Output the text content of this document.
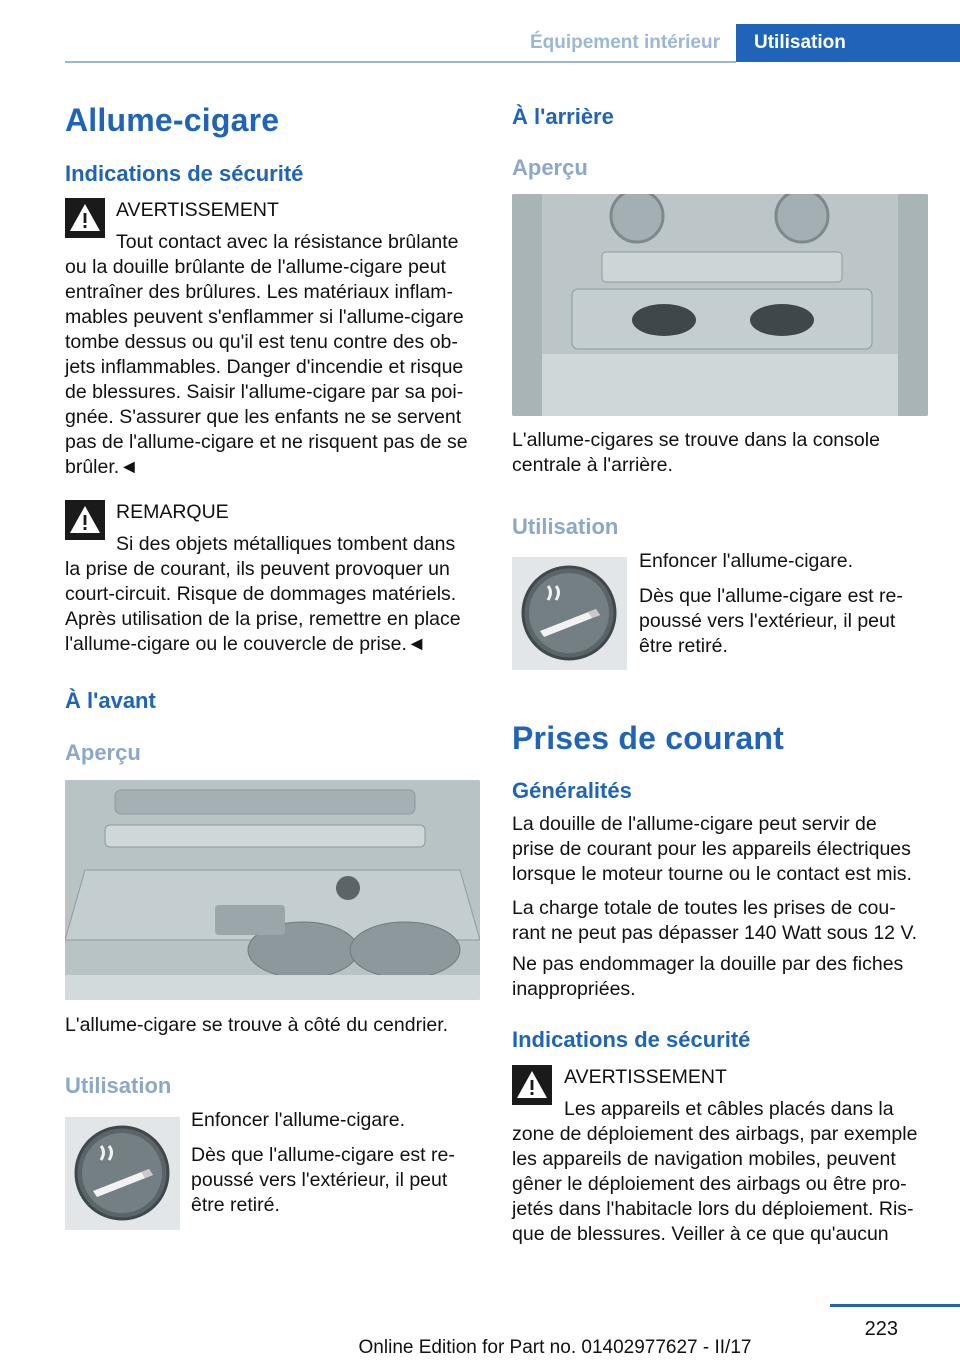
Équipement intérieur	Utilisation
Allume-cigare
Indications de sécurité
AVERTISSEMENT
Tout contact avec la résistance brûlante
ou la douille brûlante de l'allume-cigare peut
entraîner des brûlures. Les matériaux inflam-
mables peuvent s'enflammer si l'allume-cigare
tombe dessus ou qu'il est tenu contre des ob-
jets inflammables. Danger d'incendie et risque
de blessures. Saisir l'allume-cigare par sa poi-
gnée. S'assurer que les enfants ne se servent
pas de l'allume-cigare et ne risquent pas de se
brûler.◄
REMARQUE
Si des objets métalliques tombent dans
la prise de courant, ils peuvent provoquer un
court-circuit. Risque de dommages matériels.
Après utilisation de la prise, remettre en place
l'allume-cigare ou le couvercle de prise.◄
À l'avant
Aperçu
L'allume-cigare se trouve à côté du cendrier.
Utilisation
Enfoncer l'allume-cigare.
Dès que l'allume-cigare est re-
poussé vers l'extérieur, il peut
être retiré.
À l'arrière
Aperçu
L'allume-cigares se trouve dans la console
centrale à l'arrière.
Utilisation
Enfoncer l'allume-cigare.
Dès que l'allume-cigare est re-
poussé vers l'extérieur, il peut
être retiré.
Prises de courant
Généralités
La douille de l'allume-cigare peut servir de
prise de courant pour les appareils électriques
lorsque le moteur tourne ou le contact est mis.
La charge totale de toutes les prises de cou-
rant ne peut pas dépasser 140 Watt sous 12 V.
Ne pas endommager la douille par des fiches
inappropriées.
Indications de sécurité
AVERTISSEMENT
Les appareils et câbles placés dans la
zone de déploiement des airbags, par exemple
les appareils de navigation mobiles, peuvent
gêner le déploiement des airbags ou être pro-
jetés dans l'habitacle lors du déploiement. Ris-
que de blessures. Veiller à ce que qu'aucun
223
Online Edition for Part no. 01402977627 - II/17
